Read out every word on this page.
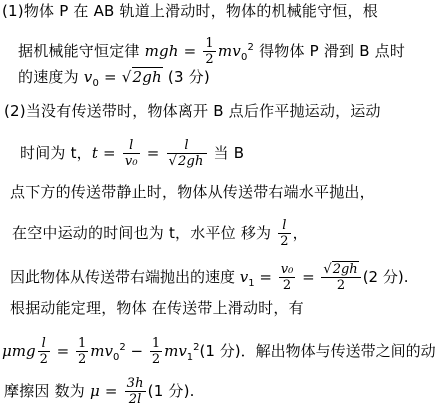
(1)物体 P 在 AB 轨道上滑动时，物体的机械能守恒，根
据机械能守恒定律 mgh = $\frac{1}{2} mv_0^2$ 得物体 P 滑到 B 点时
的速度为 $v_0 = √2gh$ (3 分)
(2)当没有传送带时，物体离开 B 点后作平抛运动，运动
时间为 t，$t = \frac{l}{\text{v₀}} = \frac{l}{√2gh}$ 当 B
点下方的传送带静止时，物体从传送带右端水平抛出，
在空中运动的时间也为 t，水平位 移为 $\frac{l}{2}$ ，
因此物体从传送带右端抛出的速度 $v_1 = \frac{\text{v₀}}{2} = \frac{√2gh}{2} (2$ 分).
根据动能定理，物体 在传送带上滑动时，有
μmg $\frac{l}{2} = \frac{1}{2} mv_0^2 - \frac{1}{2} mv_1^2(1$ 分)．解出物体与传送带之间的动
摩擦因 数为 $\mu = \frac{3h}{2l} (1$ 分).
